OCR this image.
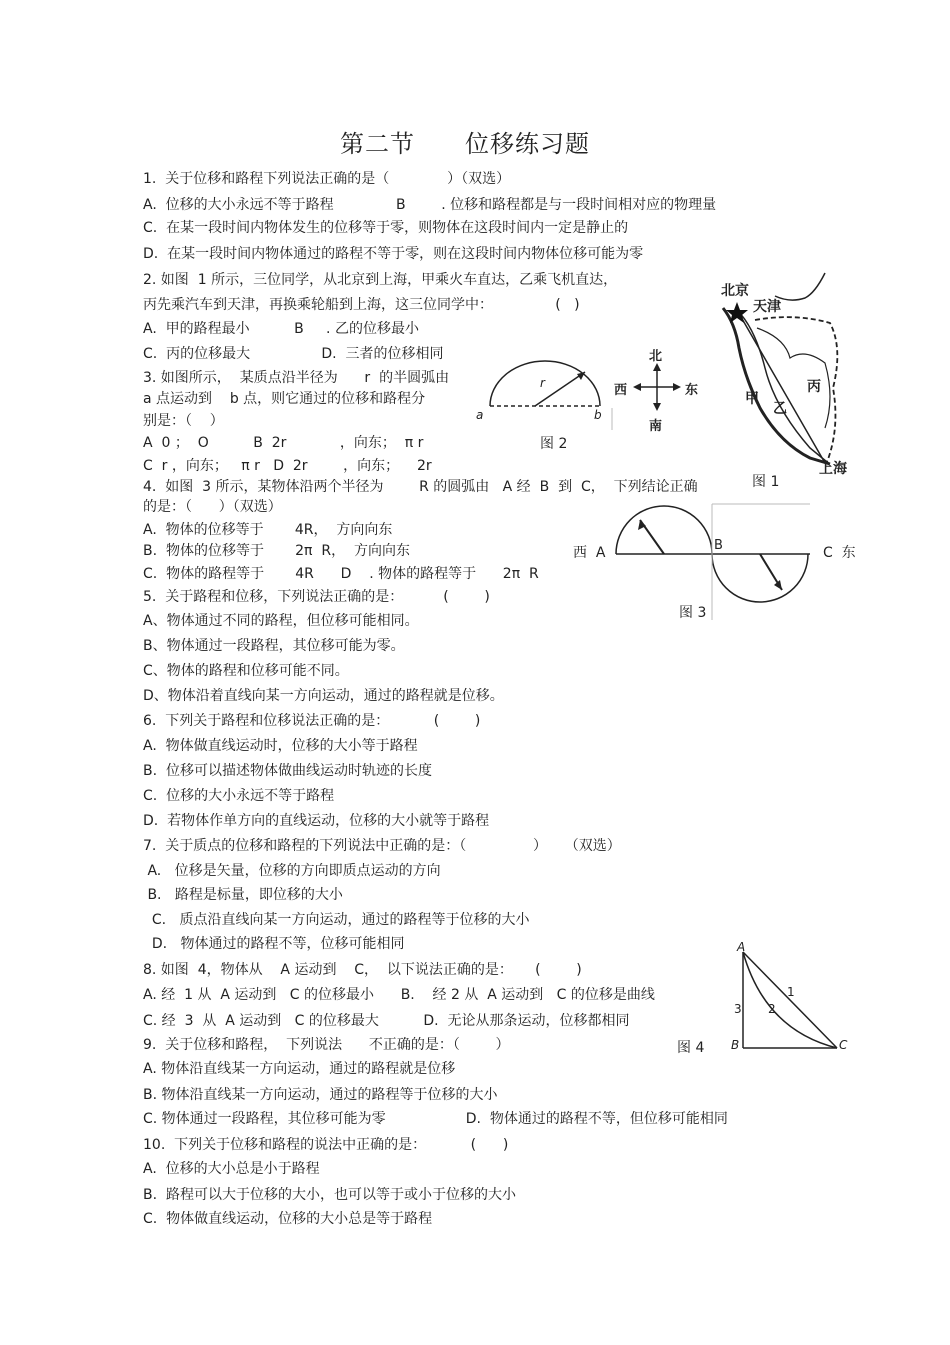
第二节　　位移练习题
1.  关于位移和路程下列说法正确的是（             ）（双选）
A.  位移的大小永远不等于路程              B        . 位移和路程都是与一段时间相对应的物理量
C.  在某一段时间内物体发生的位移等于零，则物体在这段时间内一定是静止的
D.  在某一段时间内物体通过的路程不等于零，则在这段时间内物体位移可能为零
2. 如图  1 所示，三位同学，从北京到上海，甲乘火车直达，乙乘飞机直达，
丙先乘汽车到天津，再换乘轮船到上海，这三位同学中：              (   )
A.  甲的路程最小          B     . 乙的位移最小
C.  丙的位移最大                D.  三者的位移相同
3. 如图所示，  某质点沿半径为      r  的半圆弧由
a 点运动到    b 点，则它通过的位移和路程分
别是：（    ）
A  0 ；  O          B  2r            ，向东；  π r
C  r ，向东；   π r   D  2r        ，向东；    2r
4.  如图  3 所示，某物体沿两个半径为        R 的圆弧由   A 经  B  到  C，  下列结论正确
的是：（      ）（双选）
A.  物体的位移等于       4R，  方向向东
B.  物体的位移等于       2π  R，  方向向东
C.  物体的路程等于       4R      D    . 物体的路程等于      2π  R
5.  关于路程和位移，下列说法正确的是：         (        )
A、物体通过不同的路程，但位移可能相同。
B、物体通过一段路程，其位移可能为零。
C、物体的路程和位移可能不同。
D、物体沿着直线向某一方向运动，通过的路程就是位移。
6.  下列关于路程和位移说法正确的是：          (        )
A.  物体做直线运动时，位移的大小等于路程
B.  位移可以描述物体做曲线运动时轨迹的长度
C.  位移的大小永远不等于路程
D.  若物体作单方向的直线运动，位移的大小就等于路程
7.  关于质点的位移和路程的下列说法中正确的是：（               ）    （双选）
A.   位移是矢量，位移的方向即质点运动的方向
B.   路程是标量，即位移的大小
C.   质点沿直线向某一方向运动，通过的路程等于位移的大小
D.   物体通过的路程不等，位移可能相同
8. 如图  4，物体从    A 运动到    C，  以下说法正确的是：     (        )
A. 经  1 从  A 运动到   C 的位移最小      B.    经 2 从  A 运动到   C 的位移是曲线
C. 经  3  从  A 运动到   C 的位移最大          D.  无论从那条运动，位移都相同
9.  关于位移和路程，  下列说法      不正确的是：（        ）
A. 物体沿直线某一方向运动，通过的路程就是位移
B. 物体沿直线某一方向运动，通过的路程等于位移的大小
C. 物体通过一段路程，其位移可能为零                  D.  物体通过的路程不等，但位移可能相同
10.  下列关于位移和路程的说法中正确的是：          (      )
A.  位移的大小总是小于路程
B.  路程可以大于位移的大小，也可以等于或小于位移的大小
C.  物体做直线运动，位移的大小总是等于路程
北京
天津
上海
甲
乙
丙
图 1
r
a	b
图 2
北
南
西	东
西  A	B	C  东
图 3
A
B	C
1
2
3
图 4
